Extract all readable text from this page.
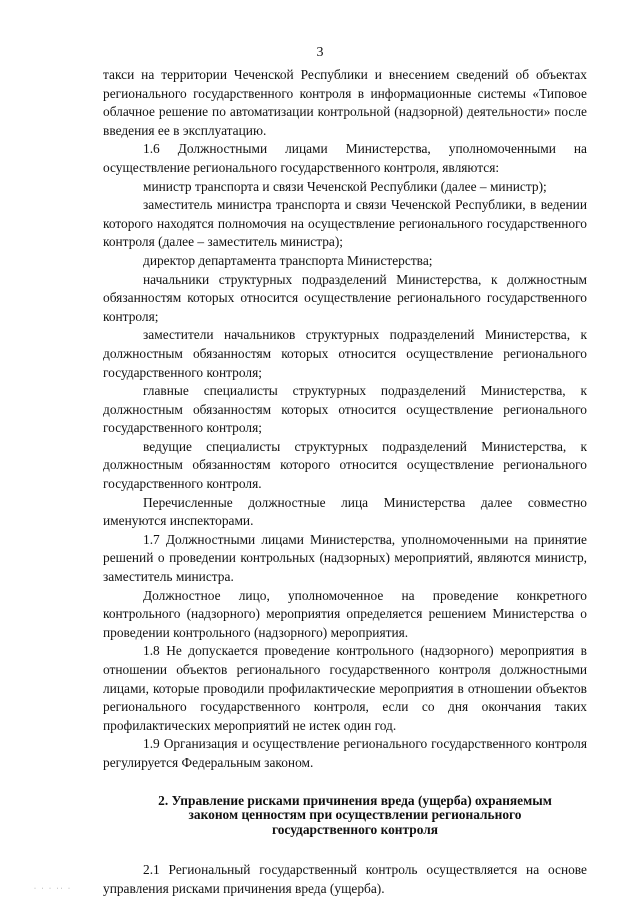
3

такси на территории Чеченской Республики и внесением сведений об объектах регионального государственного контроля в информационные системы «Типовое облачное решение по автоматизации контрольной (надзорной) деятельности» после введения ее в эксплуатацию.

1.6 Должностными лицами Министерства, уполномоченными на осуществление регионального государственного контроля, являются:

министр транспорта и связи Чеченской Республики (далее – министр);

заместитель министра транспорта и связи Чеченской Республики, в ведении которого находятся полномочия на осуществление регионального государственного контроля (далее – заместитель министра);

директор департамента транспорта Министерства;

начальники структурных подразделений Министерства, к должностным обязанностям которых относится осуществление регионального государственного контроля;

заместители начальников структурных подразделений Министерства, к должностным обязанностям которых относится осуществление регионального государственного контроля;

главные специалисты структурных подразделений Министерства, к должностным обязанностям которых относится осуществление регионального государственного контроля;

ведущие специалисты структурных подразделений Министерства, к должностным обязанностям которого относится осуществление регионального государственного контроля.

Перечисленные должностные лица Министерства далее совместно именуются инспекторами.

1.7 Должностными лицами Министерства, уполномоченными на принятие решений о проведении контрольных (надзорных) мероприятий, являются министр, заместитель министра.

Должностное лицо, уполномоченное на проведение конкретного контрольного (надзорного) мероприятия определяется решением Министерства о проведении контрольного (надзорного) мероприятия.

1.8 Не допускается проведение контрольного (надзорного) мероприятия в отношении объектов регионального государственного контроля должностными лицами, которые проводили профилактические мероприятия в отношении объектов регионального государственного контроля, если со дня окончания таких профилактических мероприятий не истек один год.

1.9 Организация и осуществление регионального государственного контроля регулируется Федеральным законом.

2. Управление рисками причинения вреда (ущерба) охраняемым
законом ценностям при осуществлении регионального
государственного контроля

2.1 Региональный государственный контроль осуществляется на основе управления рисками причинения вреда (ущерба).

· · · ·· ·
